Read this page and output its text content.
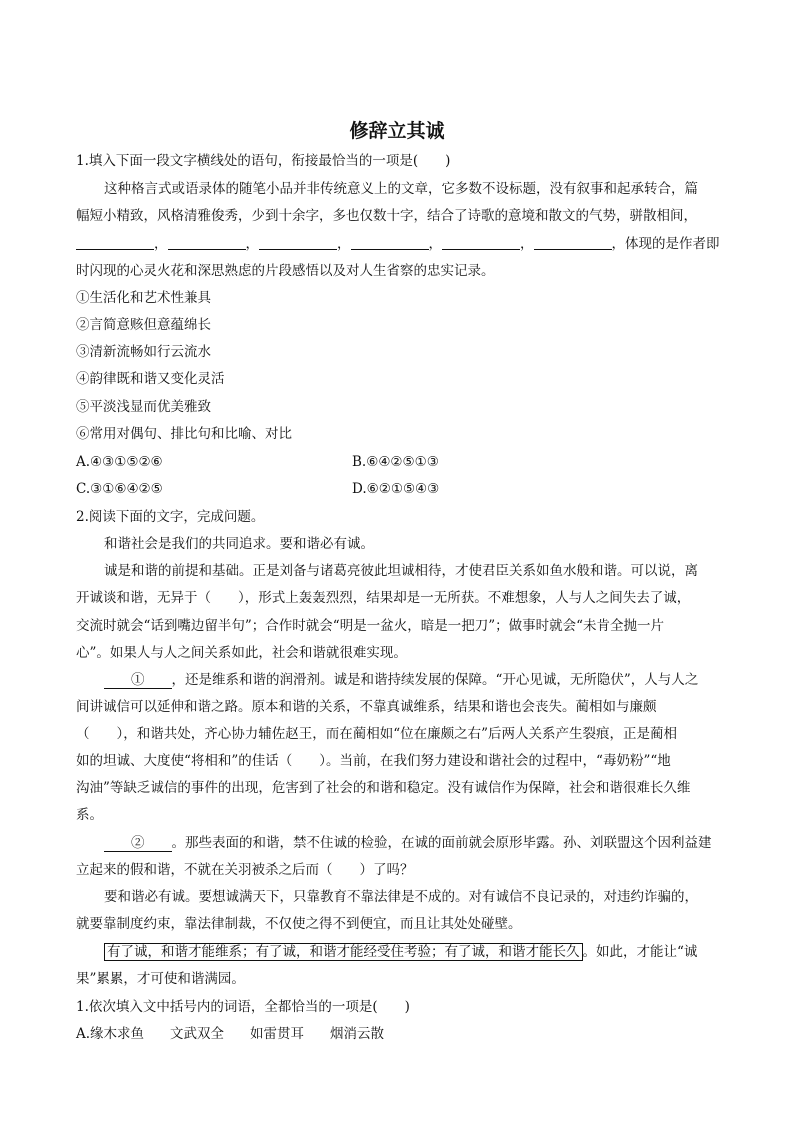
修辞立其诚
1.填入下面一段文字横线处的语句，衔接最恰当的一项是(　　)
这种格言式或语录体的随笔小品并非传统意义上的文章，它多数不设标题，没有叙事和起承转合，篇
幅短小精致，风格清雅俊秀，少到十余字，多也仅数十字，结合了诗歌的意境和散文的气势，骈散相间，
，	，	，	，	，	，体现的是作者即
时闪现的心灵火花和深思熟虑的片段感悟以及对人生省察的忠实记录。
①生活化和艺术性兼具
②言简意赅但意蕴绵长
③清新流畅如行云流水
④韵律既和谐又变化灵活
⑤平淡浅显而优美雅致
⑥常用对偶句、排比句和比喻、对比
A.④③①⑤②⑥	B.⑥④②⑤①③
C.③①⑥④②⑤	D.⑥②①⑤④③
2.阅读下面的文字，完成问题。
和谐社会是我们的共同追求。要和谐必有诚。
诚是和谐的前提和基础。正是刘备与诸葛亮彼此坦诚相待，才使君臣关系如鱼水般和谐。可以说，离
开诚谈和谐，无异于（　　），形式上轰轰烈烈，结果却是一无所获。不难想象，人与人之间失去了诚，
交流时就会“话到嘴边留半句”；合作时就会“明是一盆火，暗是一把刀”；做事时就会“未肯全抛一片
心”。如果人与人之间关系如此，社会和谐就很难实现。
　　①　　，还是维系和谐的润滑剂。诚是和谐持续发展的保障。“开心见诚，无所隐伏”，人与人之
间讲诚信可以延伸和谐之路。原本和谐的关系，不靠真诚维系，结果和谐也会丧失。蔺相如与廉颇
（　　），和谐共处，齐心协力辅佐赵王，而在蔺相如“位在廉颇之右”后两人关系产生裂痕，正是蔺相
如的坦诚、大度使“将相和”的佳话（　　）。当前，在我们努力建设和谐社会的过程中，“毒奶粉”“地
沟油”等缺乏诚信的事件的出现，危害到了社会的和谐和稳定。没有诚信作为保障，社会和谐很难长久维
系。
　　②　　。那些表面的和谐，禁不住诚的检验，在诚的面前就会原形毕露。孙、刘联盟这个因利益建
立起来的假和谐，不就在关羽被杀之后而（　　）了吗？
要和谐必有诚。要想诚满天下，只靠教育不靠法律是不成的。对有诚信不良记录的，对违约诈骗的，
就要靠制度约束，靠法律制裁，不仅使之得不到便宜，而且让其处处碰壁。
有了诚，和谐才能维系；有了诚，和谐才能经受住考验；有了诚，和谐才能长久 。如此，才能让“诚
果”累累，才可使和谐满园。
1.依次填入文中括号内的词语，全都恰当的一项是(　　)
A.缘木求鱼 文武双全 如雷贯耳 烟消云散
